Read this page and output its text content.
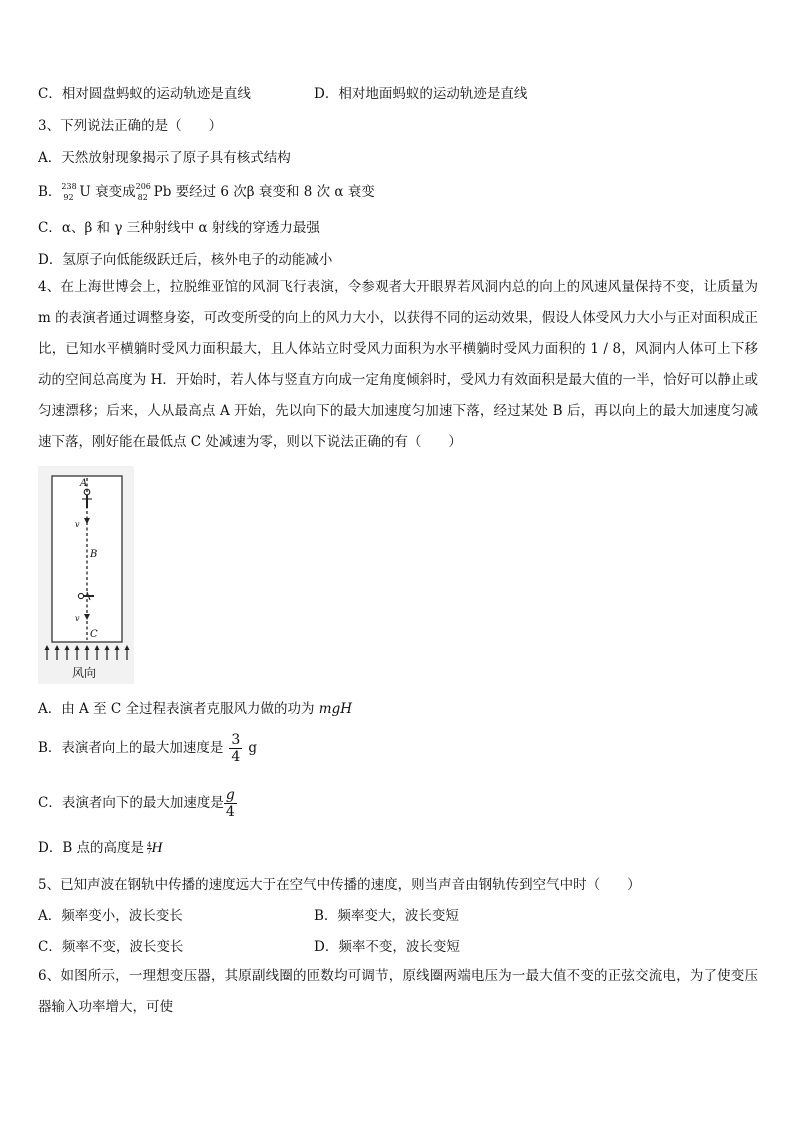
C．相对圆盘蚂蚁的运动轨迹是直线	D．相对地面蚂蚁的运动轨迹是直线
3、下列说法正确的是（　　）
A．天然放射现象揭示了原子具有核式结构
B． 238
92 U 衰变成 206
82 Pb 要经过 6 次β 衰变和 8 次 α 衰变
C．α、β 和 γ 三种射线中 α 射线的穿透力最强
D．氢原子向低能级跃迁后，核外电子的动能减小
4、在上海世博会上，拉脱维亚馆的风洞飞行表演，令参观者大开眼界若风洞内总的向上的风速风量保持不变，让质量为 m 的表演者通过调整身姿，可改变所受的向上的风力大小，以获得不同的运动效果，假设人体受风力大小与正对面积成正比，已知水平横躺时受风力面积最大，且人体站立时受风力面积为水平横躺时受风力面积的 1 / 8，风洞内人体可上下移动的空间总高度为 H．开始时，若人体与竖直方向成一定角度倾斜时，受风力有效面积是最大值的一半，恰好可以静止或匀速漂移；后来，人从最高点 A 开始，先以向下的最大加速度匀加速下落，经过某处 B 后，再以向上的最大加速度匀减速下落，刚好能在最低点 C 处减速为零，则以下说法正确的有（　　）
A
v
B
v
C
风向
A．由 A 至 C 全过程表演者克服风力做的功为 mgH
B．表演者向上的最大加速度是 $\frac{3}{4}$ g
C．表演者向下的最大加速度是 $\frac{g}{4}$
D．B 点的高度是 $\frac{4}{7}$ H
5、已知声波在钢轨中传播的速度远大于在空气中传播的速度，则当声音由钢轨传到空气中时（　　）
A．频率变小，波长变长	B．频率变大，波长变短
C．频率不变，波长变长	D．频率不变，波长变短
6、如图所示，一理想变压器，其原副线圈的匝数均可调节，原线圈两端电压为一最大值不变的正弦交流电，为了使变压器输入功率增大，可使
